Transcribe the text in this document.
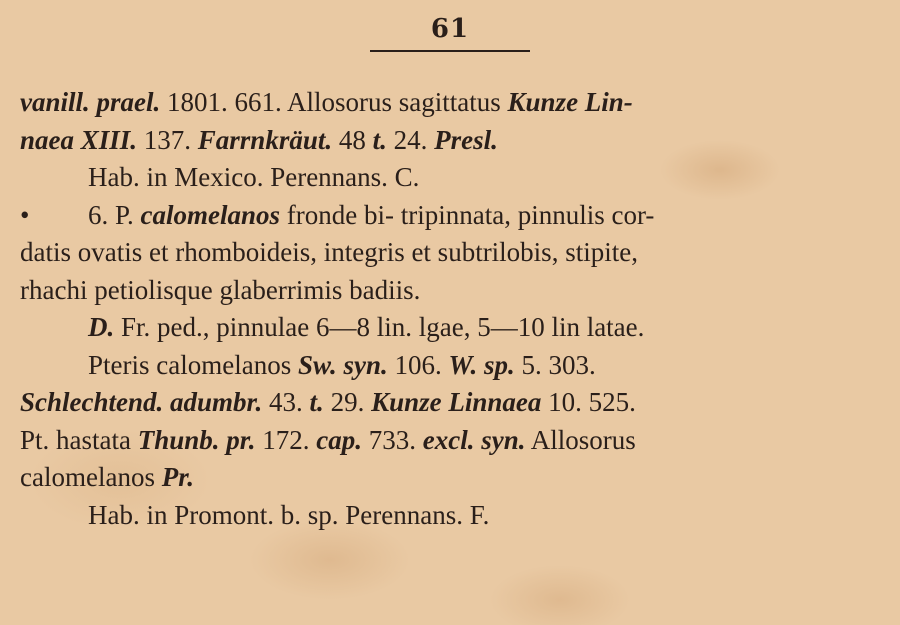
61
vanill. prael. 1801. 661. Allosorus sagittatus Kunze Lin-
naea XIII. 137. Farrnkräut. 48 t. 24. Presl.
Hab. in Mexico. Perennans. C.
• 6. P. calomelanos fronde bi- tripinnata, pinnulis cor-
datis ovatis et rhomboideis, integris et subtrilobis, stipite,
rhachi petiolisque glaberrimis badiis.
D. Fr. ped., pinnulae 6—8 lin. lgae, 5—10 lin latae.
Pteris calomelanos Sw. syn. 106. W. sp. 5. 303.
Schlechtend. adumbr. 43. t. 29. Kunze Linnaea 10. 525.
Pt. hastata Thunb. pr. 172. cap. 733. excl. syn. Allosorus
calomelanos Pr.
Hab. in Promont. b. sp. Perennans. F.
